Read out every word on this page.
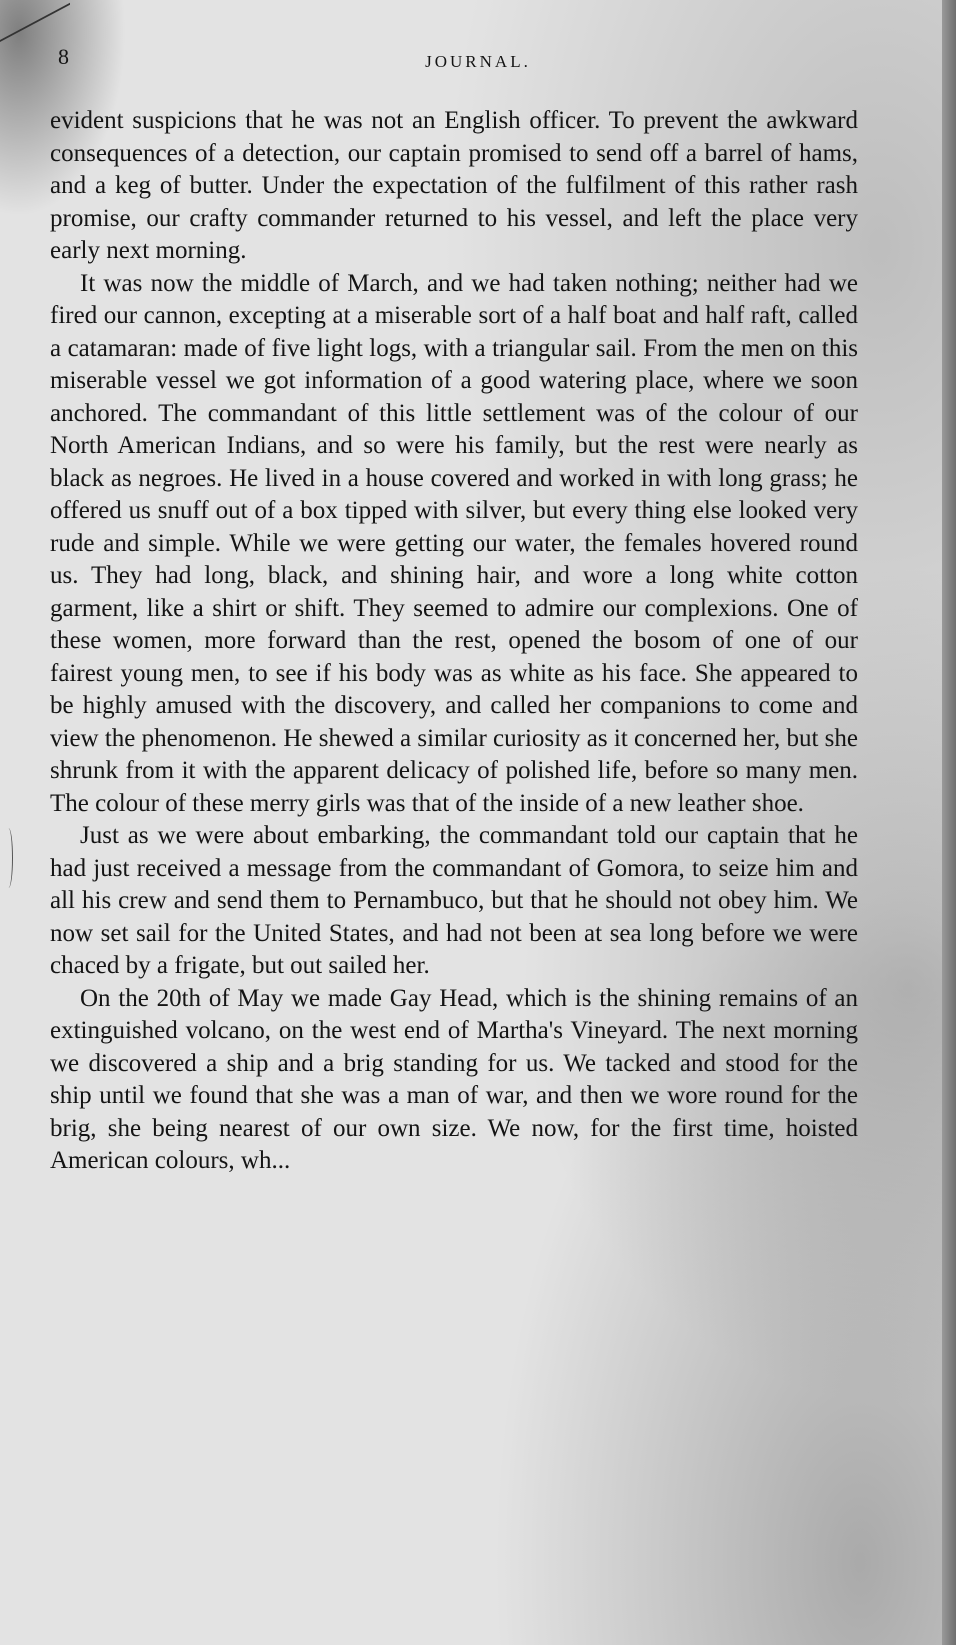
8	JOURNAL.

evident suspicions that he was not an English officer. To prevent the awkward consequences of a detection, our captain promised to send off a barrel of hams, and a keg of butter. Under the expectation of the fulfilment of this rather rash promise, our crafty commander returned to his vessel, and left the place very early next morning.

It was now the middle of March, and we had taken nothing; neither had we fired our cannon, excepting at a miserable sort of a half boat and half raft, called a catamaran: made of five light logs, with a triangular sail. From the men on this miserable vessel we got information of a good watering place, where we soon anchored. The commandant of this little settlement was of the colour of our North American Indians, and so were his family, but the rest were nearly as black as negroes. He lived in a house covered and worked in with long grass; he offered us snuff out of a box tipped with silver, but every thing else looked very rude and simple. While we were getting our water, the females hovered round us. They had long, black, and shining hair, and wore a long white cotton garment, like a shirt or shift. They seemed to admire our complexions. One of these women, more forward than the rest, opened the bosom of one of our fairest young men, to see if his body was as white as his face. She appeared to be highly amused with the discovery, and called her companions to come and view the phenomenon. He shewed a similar curiosity as it concerned her, but she shrunk from it with the apparent delicacy of polished life, before so many men. The colour of these merry girls was that of the inside of a new leather shoe.

Just as we were about embarking, the commandant told our captain that he had just received a message from the commandant of Gomora, to seize him and all his crew and send them to Pernambuco, but that he should not obey him. We now set sail for the United States, and had not been at sea long before we were chaced by a frigate, but out sailed her.

On the 20th of May we made Gay Head, which is the shining remains of an extinguished volcano, on the west end of Martha's Vineyard. The next morning we discovered a ship and a brig standing for us. We tacked and stood for the ship until we found that she was a man of war, and then we wore round for the brig, she being nearest of our own size. We now, for the first time, hoisted American colours, wh...
